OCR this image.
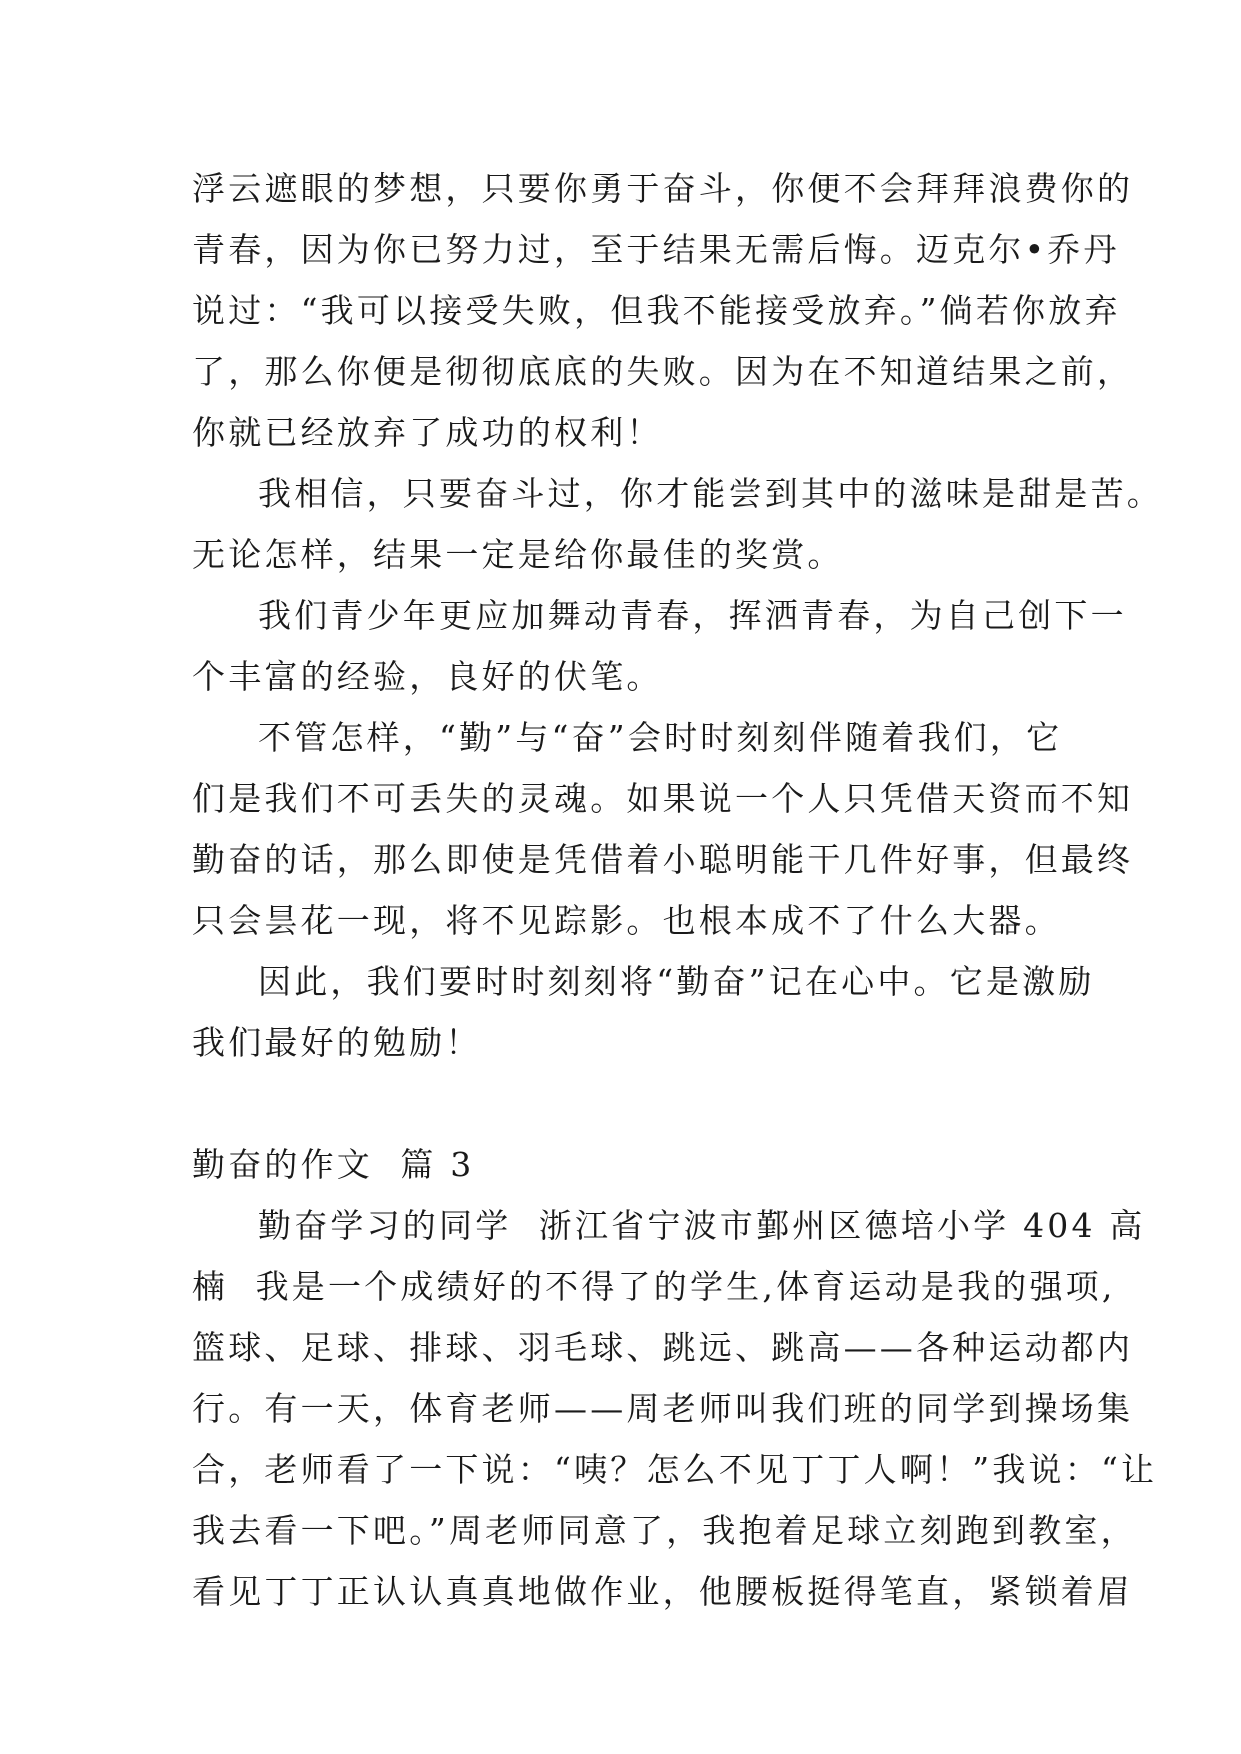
浮云遮眼的梦想，只要你勇于奋斗，你便不会拜拜浪费你的
青春，因为你已努力过，至于结果无需后悔。迈克尔•乔丹
说过：“我可以接受失败，但我不能接受放弃。”倘若你放弃
了，那么你便是彻彻底底的失败。因为在不知道结果之前，
你就已经放弃了成功的权利！
我相信，只要奋斗过，你才能尝到其中的滋味是甜是苦。
无论怎样，结果一定是给你最佳的奖赏。
我们青少年更应加舞动青春，挥洒青春，为自己创下一
个丰富的经验，良好的伏笔。
不管怎样，“勤”与“奋”会时时刻刻伴随着我们，它
们是我们不可丢失的灵魂。如果说一个人只凭借天资而不知
勤奋的话，那么即使是凭借着小聪明能干几件好事，但最终
只会昙花一现，将不见踪影。也根本成不了什么大器。
因此，我们要时时刻刻将“勤奋”记在心中。它是激励
我们最好的勉励！
勤奋的作文  篇 3
勤奋学习的同学  浙江省宁波市鄞州区德培小学 404 高
楠  我是一个成绩好的不得了的学生,体育运动是我的强项,
篮球、足球、排球、羽毛球、跳远、跳高——各种运动都内
行。有一天，体育老师——周老师叫我们班的同学到操场集
合，老师看了一下说：“咦？怎么不见丁丁人啊！”我说：“让
我去看一下吧。”周老师同意了，我抱着足球立刻跑到教室，
看见丁丁正认认真真地做作业，他腰板挺得笔直，紧锁着眉
